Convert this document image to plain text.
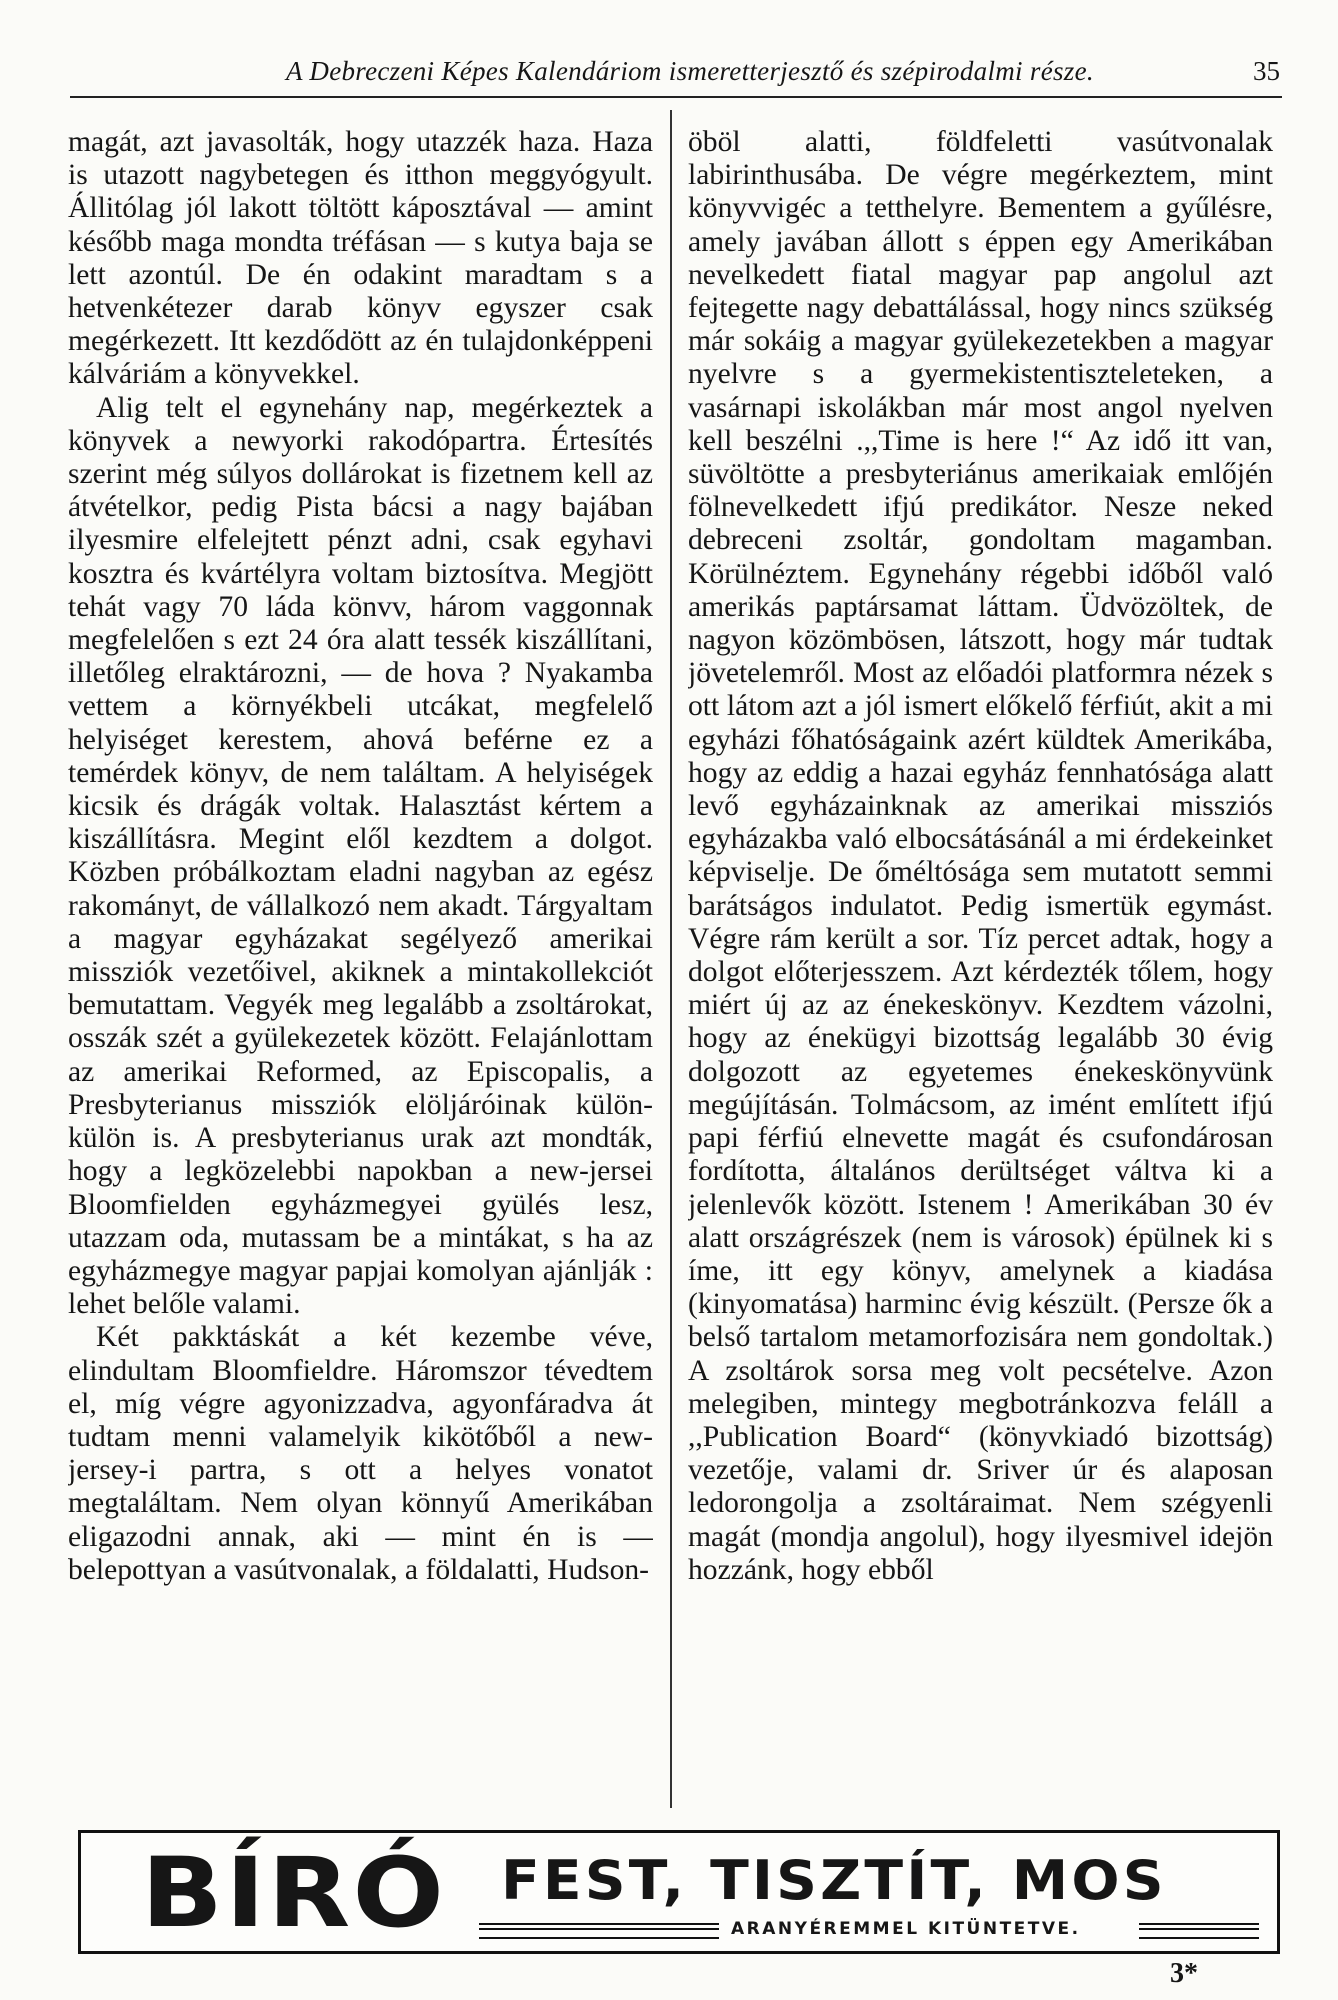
A Debreczeni Képes Kalendáriom ismeretterjesztő és szépirodalmi része.	35

magát, azt javasolták, hogy utazzék haza. Haza is utazott nagybetegen és itthon meggyógyult. Állitólag jól lakott töltött káposztával — amint később maga mondta tréfásan — s kutya baja se lett azontúl. De én odakint maradtam s a hetvenkétezer darab könyv egyszer csak megérkezett. Itt kezdődött az én tulajdonképpeni kálváriám a könyvekkel.

Alig telt el egynehány nap, megérkeztek a könyvek a newyorki rakodópartra. Értesítés szerint még súlyos dollárokat is fizetnem kell az átvételkor, pedig Pista bácsi a nagy bajában ilyesmire elfelejtett pénzt adni, csak egyhavi kosztra és kvártélyra voltam biztosítva. Megjött tehát vagy 70 láda könvv, három vaggonnak megfelelően s ezt 24 óra alatt tessék kiszállítani, illetőleg elraktározni, — de hova ? Nyakamba vettem a környékbeli utcákat, megfelelő helyiséget kerestem, ahová beférne ez a temérdek könyv, de nem találtam. A helyiségek kicsik és drágák voltak. Halasztást kértem a kiszállításra. Megint elől kezdtem a dolgot. Közben próbálkoztam eladni nagyban az egész rakományt, de vállalkozó nem akadt. Tárgyaltam a magyar egyházakat segélyező amerikai missziók vezetőivel, akiknek a mintakollekciót bemutattam. Vegyék meg legalább a zsoltárokat, osszák szét a gyülekezetek között. Felajánlottam az amerikai Reformed, az Episcopalis, a Presbyterianus missziók elöljáróinak külön-külön is. A presbyterianus urak azt mondták, hogy a legközelebbi napokban a new-jersei Bloomfielden egyházmegyei gyülés lesz, utazzam oda, mutassam be a mintákat, s ha az egyházmegye magyar papjai komolyan ajánlják : lehet belőle valami.

Két pakktáskát a két kezembe véve, elindultam Bloomfieldre. Háromszor tévedtem el, míg végre agyonizzadva, agyonfáradva át tudtam menni valamelyik kikötőből a new-jersey-i partra, s ott a helyes vonatot megtaláltam. Nem olyan könnyű Amerikában eligazodni annak, aki — mint én is — belepottyan a vasútvonalak, a földalatti, Hudson-

öböl alatti, földfeletti vasútvonalak labirinthusába. De végre megérkeztem, mint könyvvigéc a tetthelyre. Bementem a gyűlésre, amely javában állott s éppen egy Amerikában nevelkedett fiatal magyar pap angolul azt fejtegette nagy debattálással, hogy nincs szükség már sokáig a magyar gyülekezetekben a magyar nyelvre s a gyermekistentiszteleteken, a vasárnapi iskolákban már most angol nyelven kell beszélni .,,Time is here !“ Az idő itt van, süvöltötte a presbyteriánus amerikaiak emlőjén fölnevelkedett ifjú predikátor. Nesze neked debreceni zsoltár, gondoltam magamban. Körülnéztem. Egynehány régebbi időből való amerikás paptársamat láttam. Üdvözöltek, de nagyon közömbösen, látszott, hogy már tudtak jövetelemről. Most az előadói platformra nézek s ott látom azt a jól ismert előkelő férfiút, akit a mi egyházi főhatóságaink azért küldtek Amerikába, hogy az eddig a hazai egyház fennhatósága alatt levő egyházainknak az amerikai missziós egyházakba való elbocsátásánál a mi érdekeinket képviselje. De őméltósága sem mutatott semmi barátságos indulatot. Pedig ismertük egymást. Végre rám került a sor. Tíz percet adtak, hogy a dolgot előterjesszem. Azt kérdezték tőlem, hogy miért új az az énekeskönyv. Kezdtem vázolni, hogy az énekügyi bizottság legalább 30 évig dolgozott az egyetemes énekeskönyvünk megújításán. Tolmácsom, az imént említett ifjú papi férfiú elnevette magát és csufondárosan fordította, általános derültséget váltva ki a jelenlevők között. Istenem ! Amerikában 30 év alatt országrészek (nem is városok) épülnek ki s íme, itt egy könyv, amelynek a kiadása (kinyomatása) harminc évig készült. (Persze ők a belső tartalom metamorfozisára nem gondoltak.) A zsoltárok sorsa meg volt pecsételve. Azon melegiben, mintegy megbotránkozva feláll a ,,Publication Board“ (könyvkiadó bizottság) vezetője, valami dr. Sriver úr és alaposan ledorongolja a zsoltáraimat. Nem szégyenli magát (mondja angolul), hogy ilyesmivel idejön hozzánk, hogy ebből

BÍRÓ FEST, TISZTÍT, MOS
ARANYÉREMMEL KITÜNTETVE.
3*
